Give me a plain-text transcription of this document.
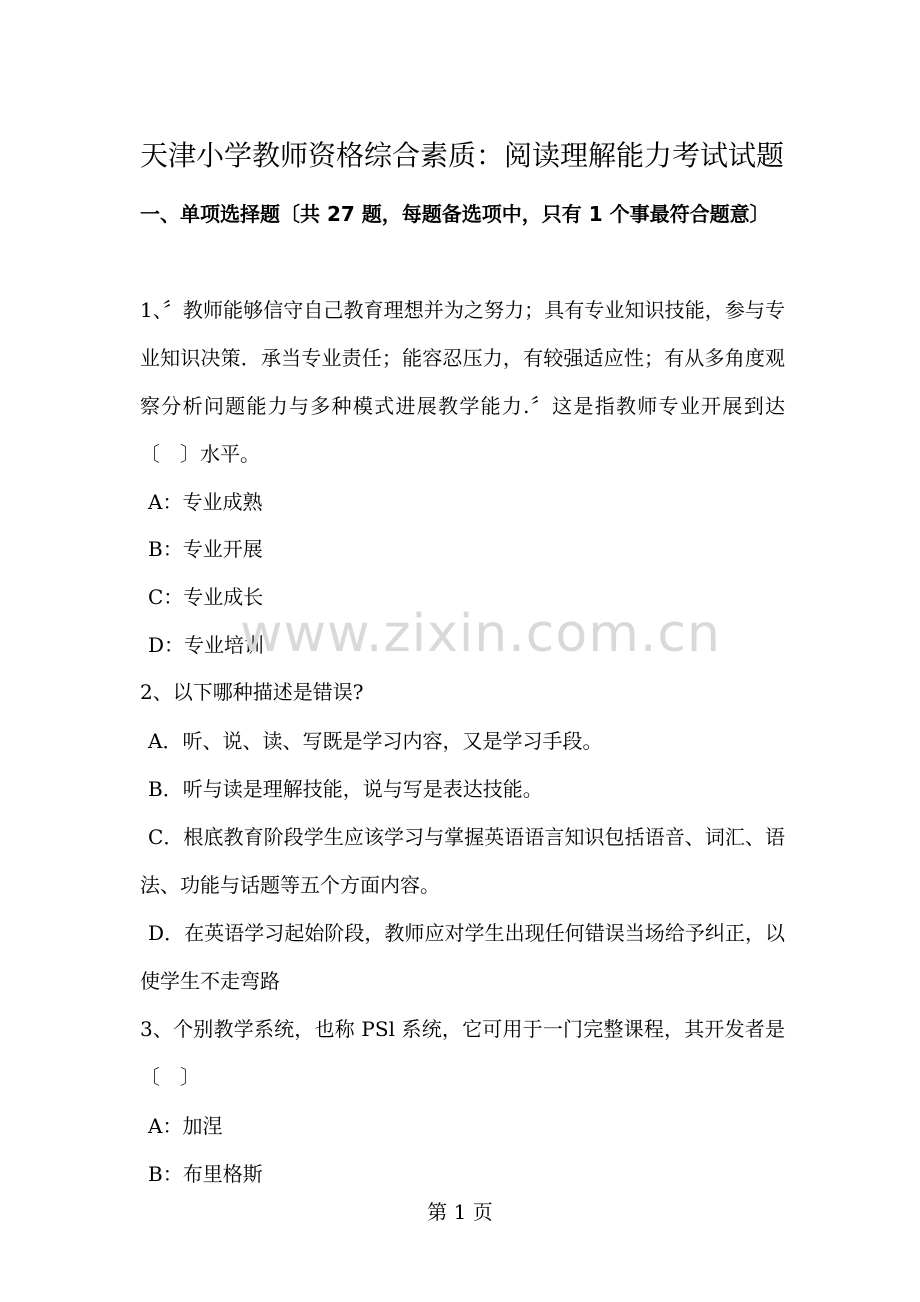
天津小学教师资格综合素质：阅读理解能力考试试题
一、单项选择题〔共 27 题，每题备选项中，只有 1 个事最符合题意〕
1、〞教师能够信守自己教育理想并为之努力；具有专业知识技能，参与专业知识决策．承当专业责任；能容忍压力，有较强适应性；有从多角度观察分析问题能力与多种模式进展教学能力.〞这是指教师专业开展到达〔　〕水平。
A：专业成熟
B：专业开展
C：专业成长
D：专业培训
2、以下哪种描述是错误?
A．听、说、读、写既是学习内容，又是学习手段。
B．听与读是理解技能，说与写是表达技能。
C．根底教育阶段学生应该学习与掌握英语语言知识包括语音、词汇、语法、功能与话题等五个方面内容。
D．在英语学习起始阶段，教师应对学生出现任何错误当场给予纠正，以使学生不走弯路
3、个别教学系统，也称 PSl 系统，它可用于一门完整课程，其开发者是 〔　〕
A：加涅
B：布里格斯
www.zixin.com.cn
第 1 页
